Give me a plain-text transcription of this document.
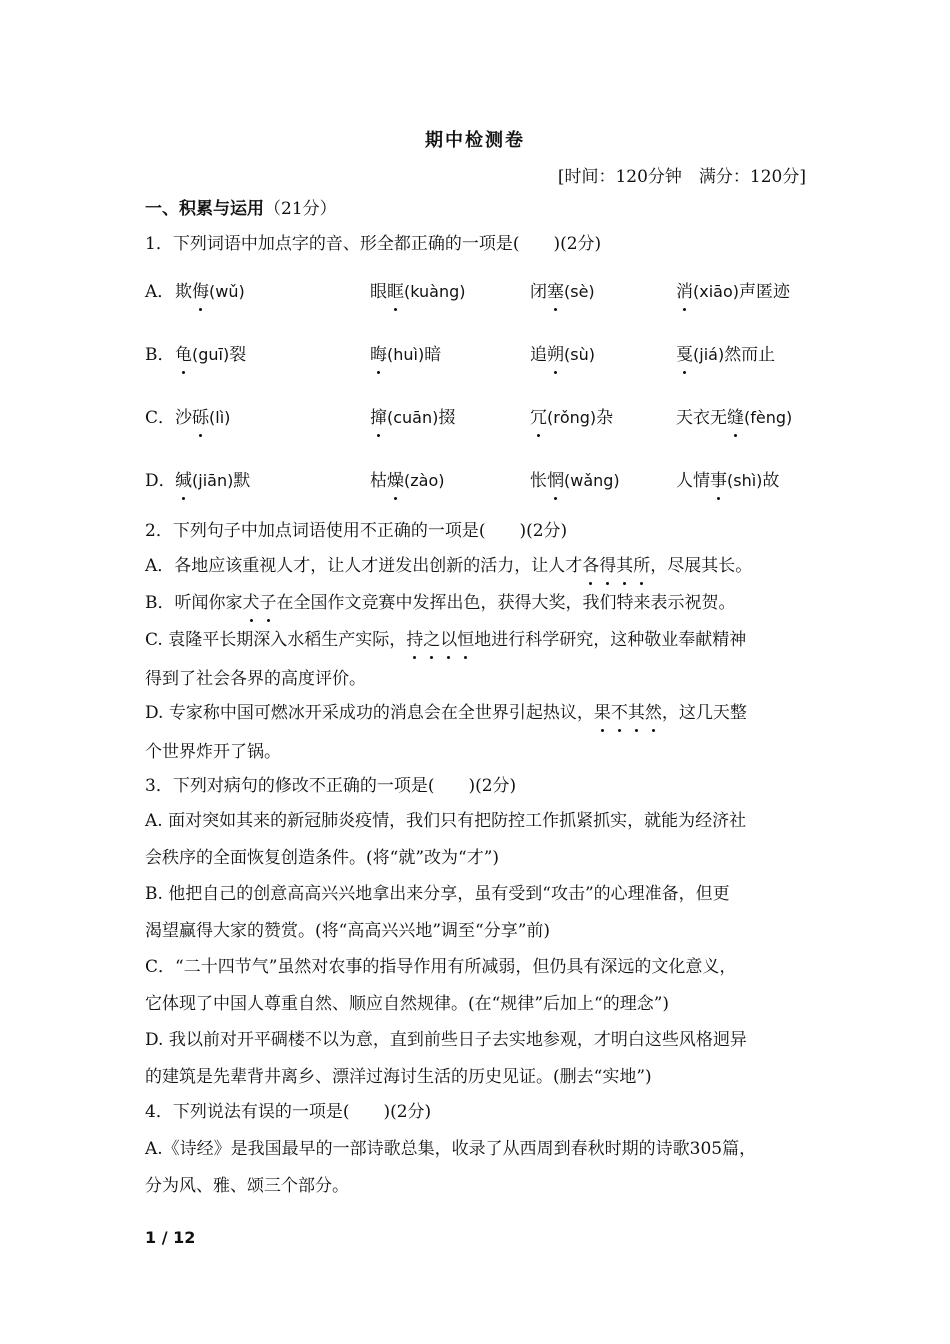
期中检测卷
[时间：120分钟　满分：120分]
一、积累与运用（21分）
1．下列词语中加点字的音、形全都正确的一项是(　　)(2分)
A． 欺侮(wǔ)	眼眶(kuàng)	闭塞(sè)	消(xiāo)声匿迹
B． 龟(guī)裂	晦(huì)暗	追朔(sù)	戛(jiá)然而止
C． 沙砾(lì)	撺(cuān)掇	冗(rǒng)杂	天衣无缝(fèng)
D． 缄(jiān)默	枯燥(zào)	怅惘(wǎng)	人情事(shì)故
2．下列句子中加点词语使用不正确的一项是(　　)(2分)
A．各地应该重视人才，让人才迸发出创新的活力，让人才各得其所，尽展其长。
B．听闻你家犬子在全国作文竞赛中发挥出色，获得大奖，我们特来表示祝贺。
C. 袁隆平长期深入水稻生产实际，持之以恒地进行科学研究，这种敬业奉献精神
得到了社会各界的高度评价。
D. 专家称中国可燃冰开采成功的消息会在全世界引起热议，果不其然，这几天整
个世界炸开了锅。
3．下列对病句的修改不正确的一项是(　　)(2分)
A. 面对突如其来的新冠肺炎疫情，我们只有把防控工作抓紧抓实，就能为经济社
会秩序的全面恢复创造条件。(将“就”改为“才”)
B. 他把自己的创意高高兴兴地拿出来分享，虽有受到“攻击”的心理准备，但更
渴望赢得大家的赞赏。(将“高高兴兴地”调至“分享”前)
C．“二十四节气”虽然对农事的指导作用有所减弱，但仍具有深远的文化意义，
它体现了中国人尊重自然、顺应自然规律。(在“规律”后加上“的理念”)
D. 我以前对开平碉楼不以为意，直到前些日子去实地参观，才明白这些风格迥异
的建筑是先辈背井离乡、漂洋过海讨生活的历史见证。(删去“实地”)
4．下列说法有误的一项是(　　)(2分)
A.《诗经》是我国最早的一部诗歌总集，收录了从西周到春秋时期的诗歌305篇，
分为风、雅、颂三个部分。
1 / 12
